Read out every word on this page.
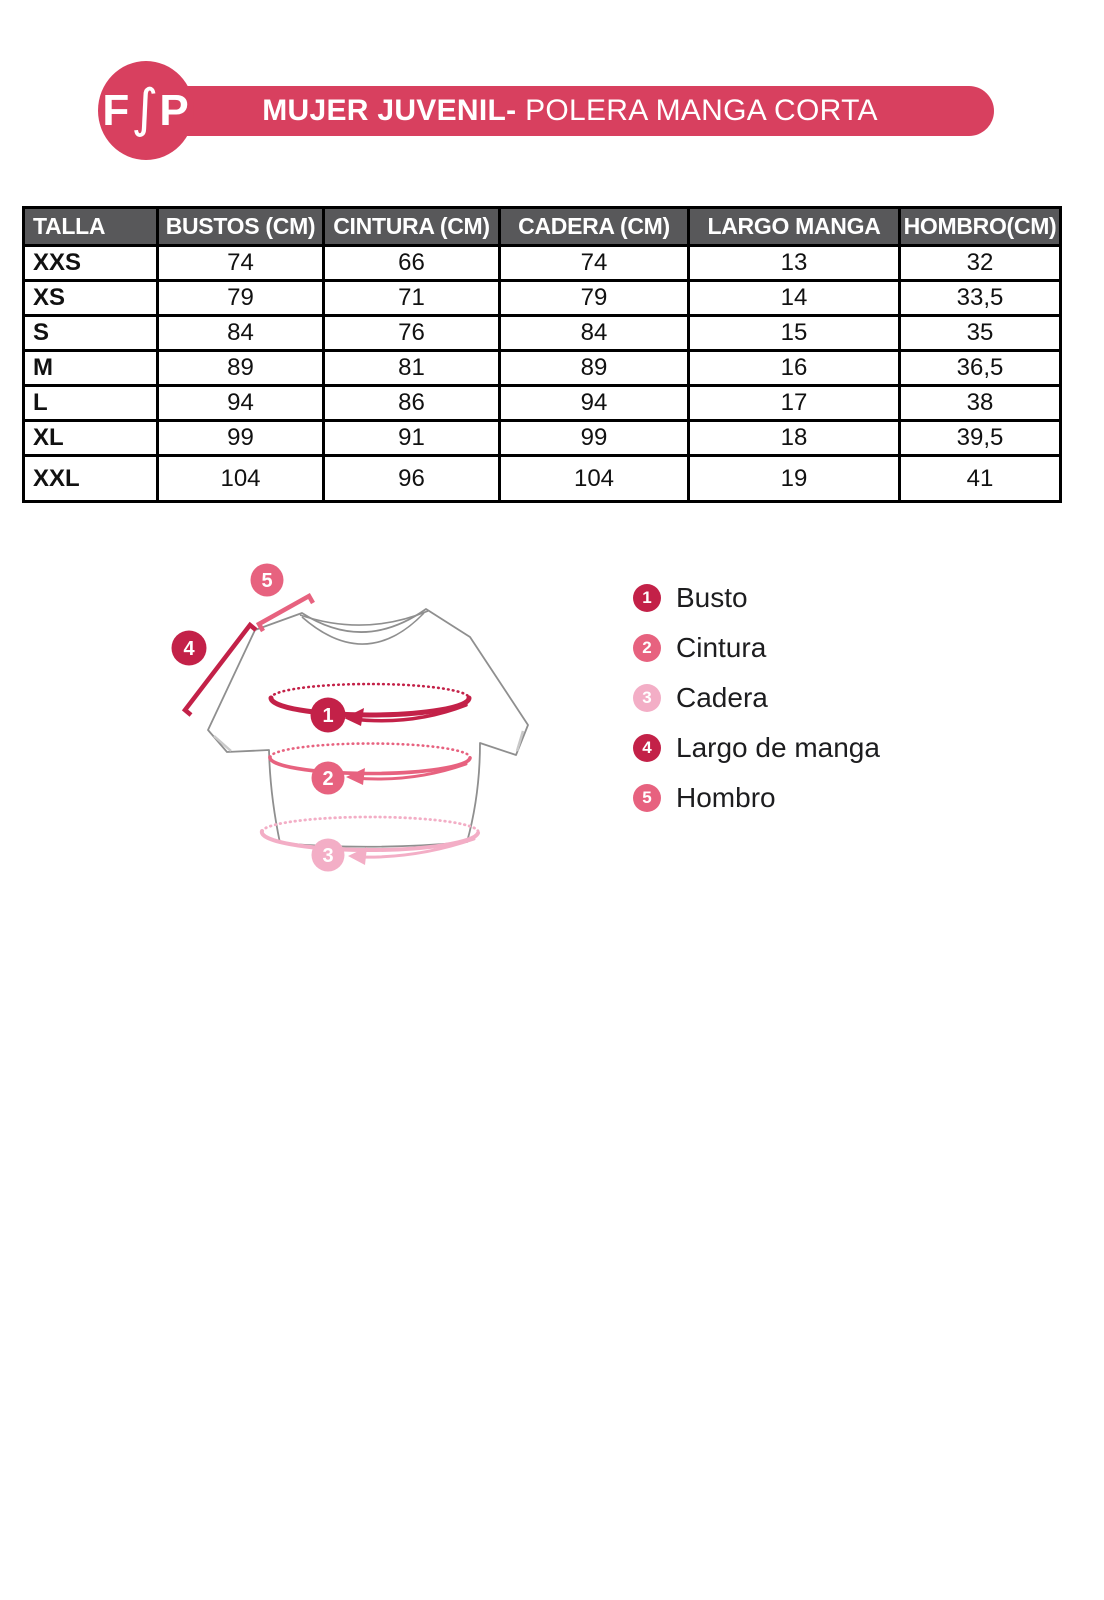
MUJER JUVENIL- POLERA MANGA CORTA
F ∫ P
TALLA	BUSTOS (CM)	CINTURA (CM)	CADERA (CM)	LARGO MANGA	HOMBRO(CM)
XXS	74	66	74	13	32
XS	79	71	79	14	33,5
S	84	76	84	15	35
M	89	81	89	16	36,5
L	94	86	94	17	38
XL	99	91	99	18	39,5
XXL	104	96	104	19	41
1
2
3
4
5
1 Busto
2 Cintura
3 Cadera
4 Largo de manga
5 Hombro
